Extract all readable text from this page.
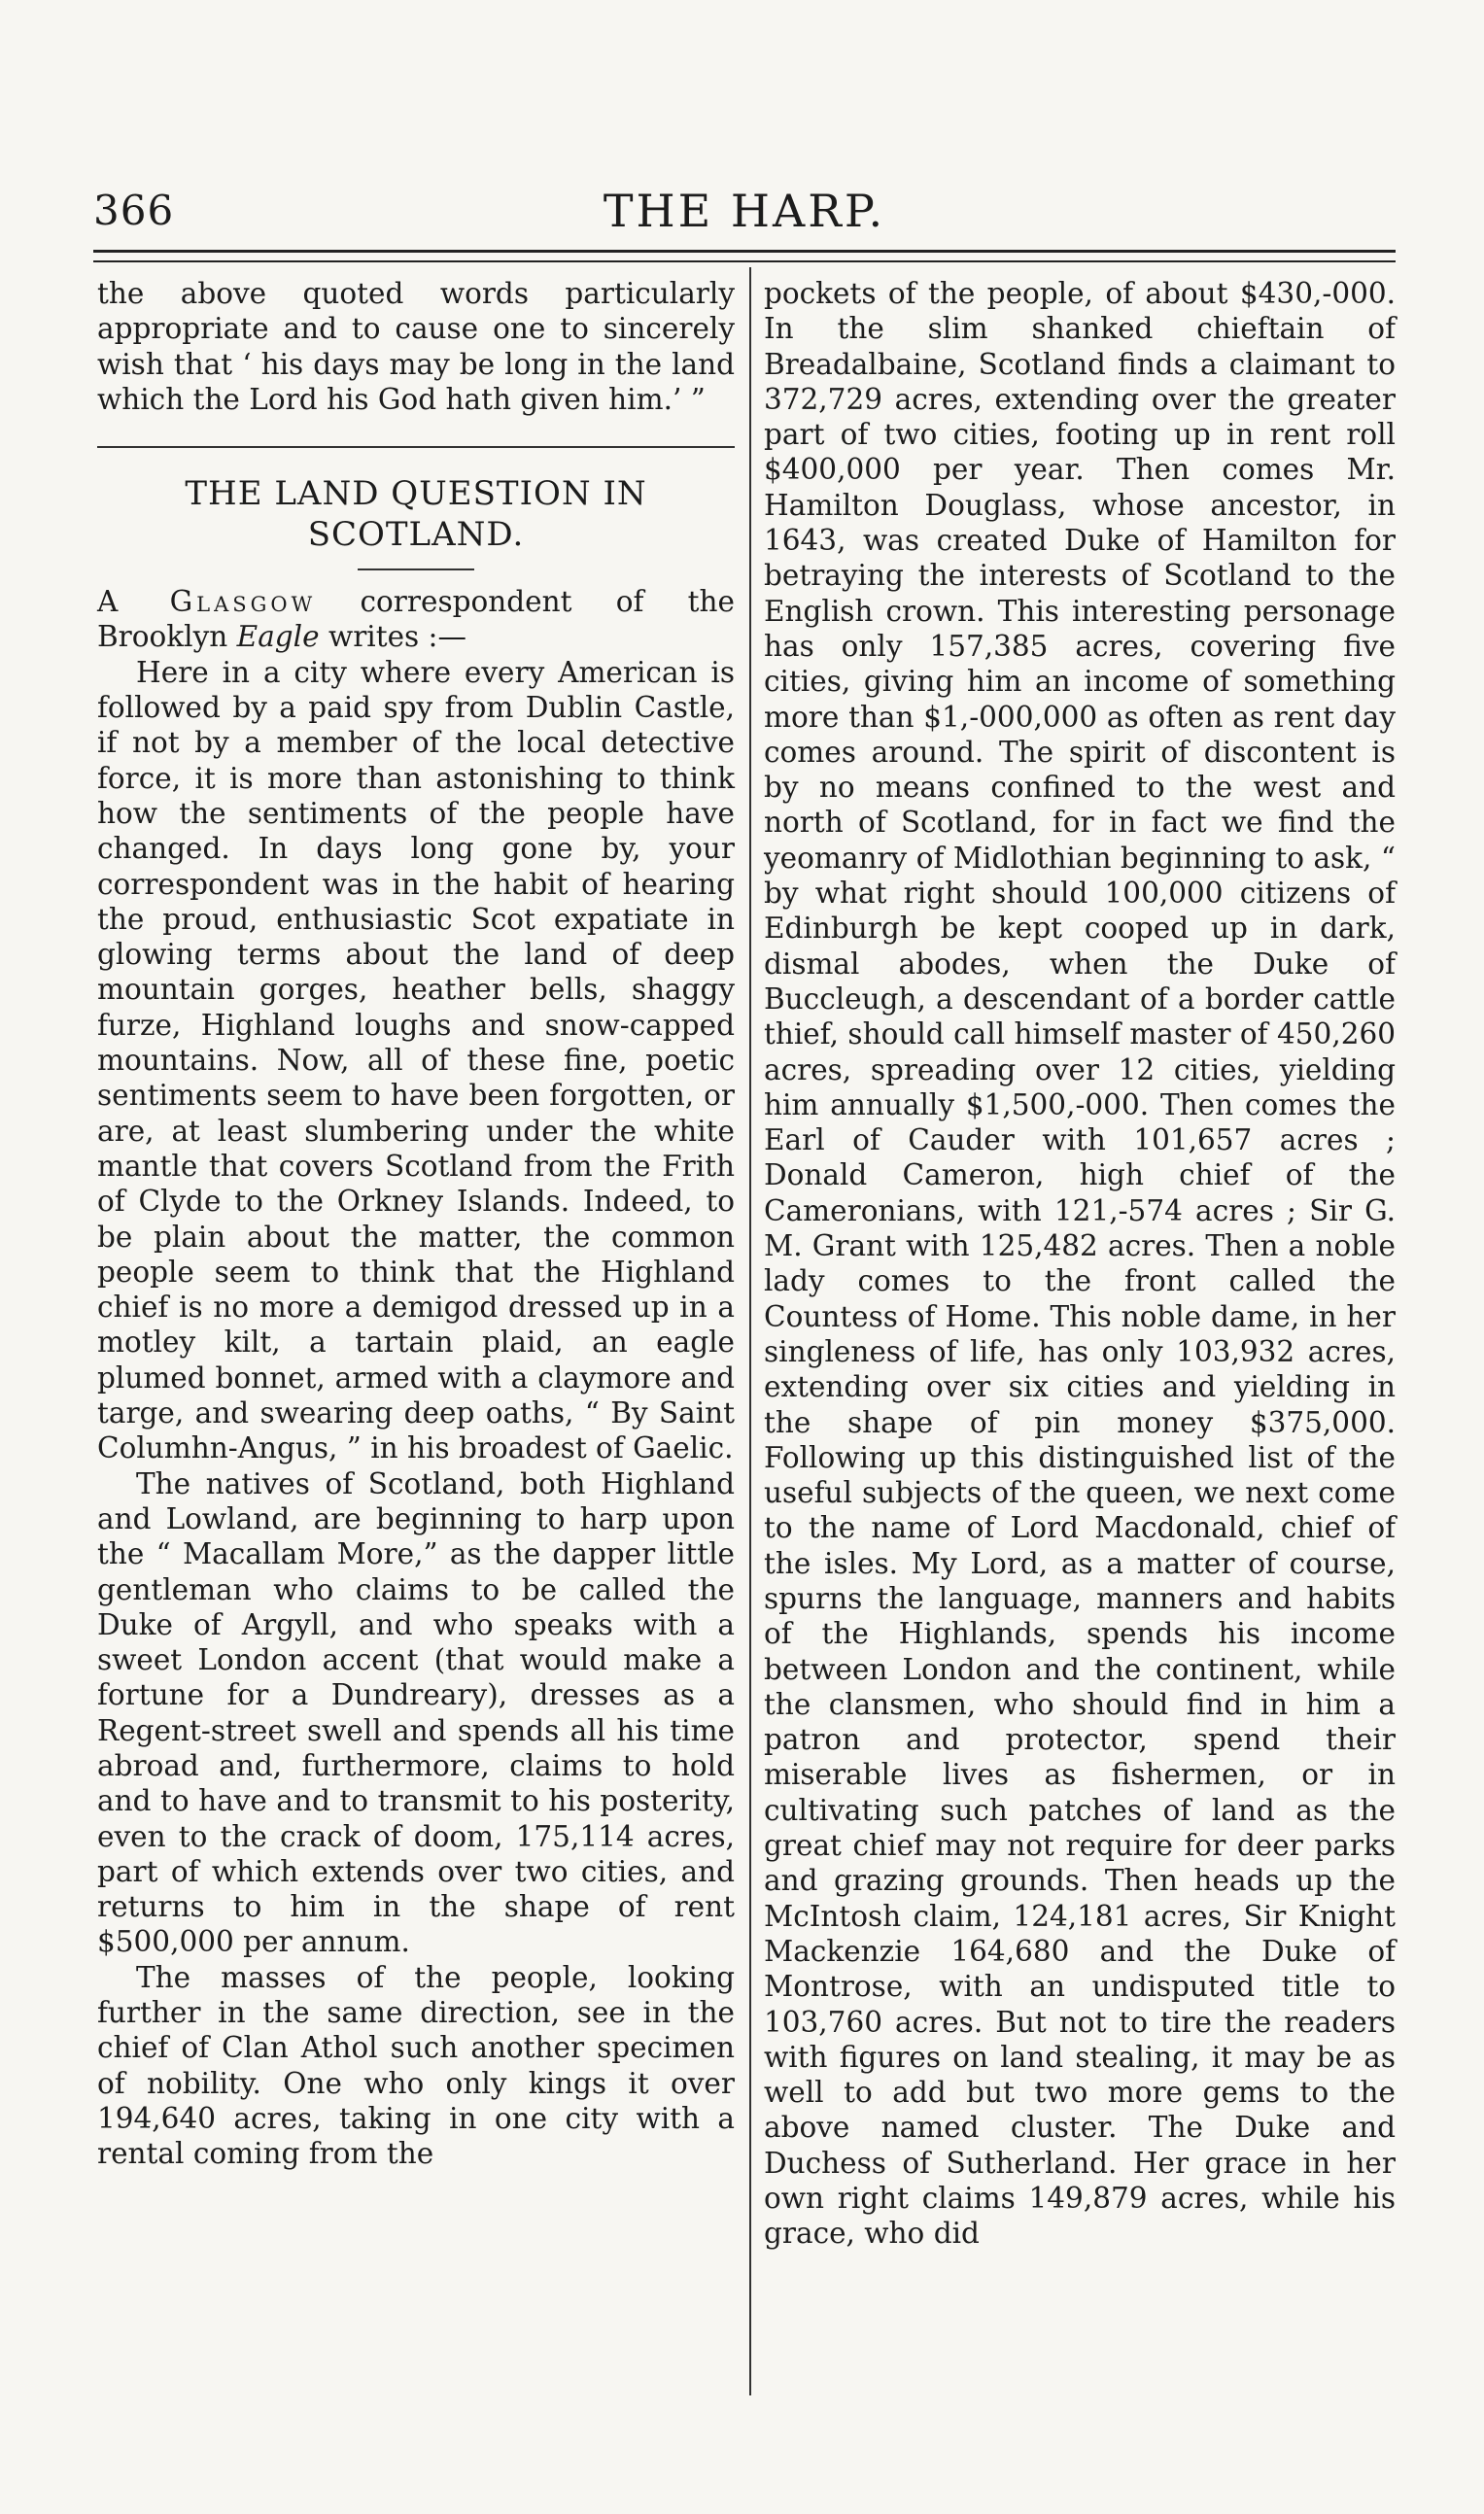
366	THE HARP.

the above quoted words particularly appropriate and to cause one to sincerely wish that ‘ his days may be long in the land which the Lord his God hath given him.’ ”

THE LAND QUESTION IN SCOTLAND.

A Glasgow correspondent of the Brooklyn Eagle writes :—

Here in a city where every American is followed by a paid spy from Dublin Castle, if not by a member of the local detective force, it is more than astonishing to think how the sentiments of the people have changed. In days long gone by, your correspondent was in the habit of hearing the proud, enthusiastic Scot expatiate in glowing terms about the land of deep mountain gorges, heather bells, shaggy furze, Highland loughs and snow-capped mountains. Now, all of these fine, poetic sentiments seem to have been forgotten, or are, at least slumbering under the white mantle that covers Scotland from the Frith of Clyde to the Orkney Islands. Indeed, to be plain about the matter, the common people seem to think that the Highland chief is no more a demigod dressed up in a motley kilt, a tartain plaid, an eagle plumed bonnet, armed with a claymore and targe, and swearing deep oaths, “ By Saint Columhn-Angus, ” in his broadest of Gaelic.

The natives of Scotland, both Highland and Lowland, are beginning to harp upon the “ Macallam More,” as the dapper little gentleman who claims to be called the Duke of Argyll, and who speaks with a sweet London accent (that would make a fortune for a Dundreary), dresses as a Regent-street swell and spends all his time abroad and, furthermore, claims to hold and to have and to transmit to his posterity, even to the crack of doom, 175,114 acres, part of which extends over two cities, and returns to him in the shape of rent $500,000 per annum.

The masses of the people, looking further in the same direction, see in the chief of Clan Athol such another specimen of nobility. One who only kings it over 194,640 acres, taking in one city with a rental coming from the

pockets of the people, of about $430,-000. In the slim shanked chieftain of Breadalbaine, Scotland finds a claimant to 372,729 acres, extending over the greater part of two cities, footing up in rent roll $400,000 per year. Then comes Mr. Hamilton Douglass, whose ancestor, in 1643, was created Duke of Hamilton for betraying the interests of Scotland to the English crown. This interesting personage has only 157,385 acres, covering five cities, giving him an income of something more than $1,-000,000 as often as rent day comes around. The spirit of discontent is by no means confined to the west and north of Scotland, for in fact we find the yeomanry of Midlothian beginning to ask, “ by what right should 100,000 citizens of Edinburgh be kept cooped up in dark, dismal abodes, when the Duke of Buccleugh, a descendant of a border cattle thief, should call himself master of 450,260 acres, spreading over 12 cities, yielding him annually $1,500,-000. Then comes the Earl of Cauder with 101,657 acres ; Donald Cameron, high chief of the Cameronians, with 121,-574 acres ; Sir G. M. Grant with 125,482 acres. Then a noble lady comes to the front called the Countess of Home. This noble dame, in her singleness of life, has only 103,932 acres, extending over six cities and yielding in the shape of pin money $375,000. Following up this distinguished list of the useful subjects of the queen, we next come to the name of Lord Macdonald, chief of the isles. My Lord, as a matter of course, spurns the language, manners and habits of the Highlands, spends his income between London and the continent, while the clansmen, who should find in him a patron and protector, spend their miserable lives as fishermen, or in cultivating such patches of land as the great chief may not require for deer parks and grazing grounds. Then heads up the McIntosh claim, 124,181 acres, Sir Knight Mackenzie 164,680 and the Duke of Montrose, with an undisputed title to 103,760 acres. But not to tire the readers with figures on land stealing, it may be as well to add but two more gems to the above named cluster. The Duke and Duchess of Sutherland. Her grace in her own right claims 149,879 acres, while his grace, who did
